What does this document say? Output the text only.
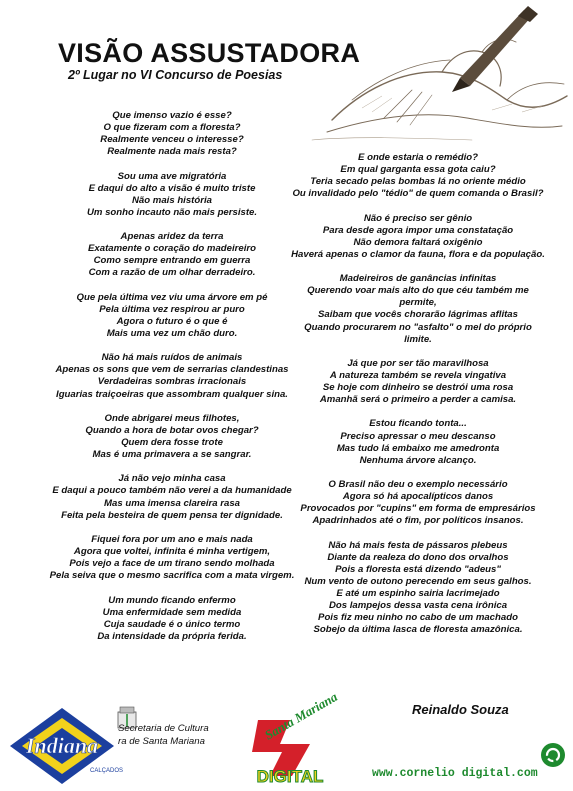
VISÃO ASSUSTADORA
2º Lugar no VI Concurso de Poesias
Que imenso vazio é esse?
O que fizeram com a floresta?
Realmente venceu o interesse?
Realmente nada mais resta?
Sou uma ave migratória
E daqui do alto a visão é muito triste
Não mais história
Um sonho incauto não mais persiste.
Apenas aridez da terra
Exatamente o coração do madeireiro
Como sempre entrando em guerra
Com a razão de um olhar derradeiro.
Que pela última vez viu uma árvore em pé
Pela última vez respirou ar puro
Agora o futuro é o que é
Mais uma vez um chão duro.
Não há mais ruídos de animais
Apenas os sons que vem de serrarias clandestinas
Verdadeiras sombras irracionais
Iguarias traiçoeiras que assombram qualquer sina.
Onde abrigarei meus filhotes,
Quando a hora de botar ovos chegar?
Quem dera fosse trote
Mas é uma primavera a se sangrar.
Já não vejo minha casa
E daqui a pouco também não verei a da humanidade
Mas uma imensa clareira rasa
Feita pela besteira de quem pensa ter dignidade.
Fiquei fora por um ano e mais nada
Agora que voltei, infinita é minha vertigem,
Pois vejo a face de um tirano sendo molhada
Pela seiva que o mesmo sacrifica com a mata virgem.
Um mundo ficando enfermo
Uma enfermidade sem medida
Cuja saudade é o único termo
Da intensidade da própria ferida.
E onde estaria o remédio?
Em qual garganta essa gota caiu?
Teria secado pelas bombas lá no oriente médio
Ou invalidado pelo "tédio" de quem comanda o Brasil?
Não é preciso ser gênio
Para desde agora impor uma constatação
Não demora faltará oxigênio
Haverá apenas o clamor da fauna, flora e da população.
Madeireiros de ganâncias infinitas
Querendo voar mais alto do que céu também me permite,
Saibam que vocês chorarão lágrimas aflitas
Quando procurarem no "asfalto" o mel do próprio limite.
Já que por ser tão maravilhosa
A natureza também se revela vingativa
Se hoje com dinheiro se destrói uma rosa
Amanhã será o primeiro a perder a camisa.
Estou ficando tonta...
Preciso apressar o meu descanso
Mas tudo lá embaixo me amedronta
Nenhuma árvore alcanço.
O Brasil não deu o exemplo necessário
Agora só há apocalípticos danos
Provocados por "cupins" em forma de empresários
Apadrinhados até o fim, por políticos insanos.
Não há mais festa de pássaros plebeus
Diante da realeza do dono dos orvalhos
Pois a floresta está dizendo "adeus"
Num vento de outono perecendo em seus galhos.
E até um espinho sairia lacrimejado
Dos lampejos dessa vasta cena irônica
Pois fiz meu ninho no cabo de um machado
Sobejo da última lasca de floresta amazônica.
Reinaldo Souza
Indiana
CALÇADOS
Secretaria de Cultura
ra de Santa Mariana	Santa Mariana
DIGITAL	www.cornelio digital.com
